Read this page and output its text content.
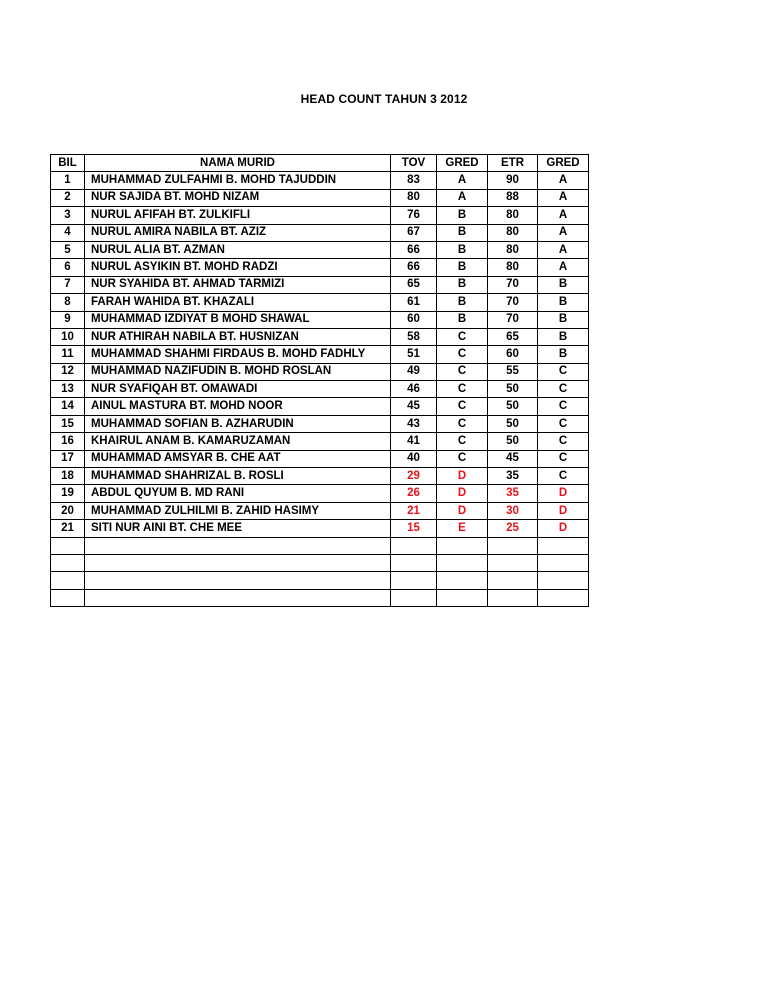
HEAD COUNT TAHUN 3 2012
BIL	NAMA MURID	TOV	GRED	ETR	GRED
1	MUHAMMAD ZULFAHMI B. MOHD TAJUDDIN	83	A	90	A
2	NUR SAJIDA BT. MOHD NIZAM	80	A	88	A
3	NURUL AFIFAH BT. ZULKIFLI	76	B	80	A
4	NURUL AMIRA NABILA BT. AZIZ	67	B	80	A
5	NURUL ALIA BT. AZMAN	66	B	80	A
6	NURUL ASYIKIN BT. MOHD RADZI	66	B	80	A
7	NUR SYAHIDA BT. AHMAD TARMIZI	65	B	70	B
8	FARAH WAHIDA BT. KHAZALI	61	B	70	B
9	MUHAMMAD IZDIYAT B MOHD SHAWAL	60	B	70	B
10	NUR ATHIRAH NABILA BT. HUSNIZAN	58	C	65	B
11	MUHAMMAD SHAHMI FIRDAUS B. MOHD FADHLY	51	C	60	B
12	MUHAMMAD NAZIFUDIN B. MOHD ROSLAN	49	C	55	C
13	NUR SYAFIQAH BT. OMAWADI	46	C	50	C
14	AINUL MASTURA BT. MOHD NOOR	45	C	50	C
15	MUHAMMAD SOFIAN B. AZHARUDIN	43	C	50	C
16	KHAIRUL ANAM B. KAMARUZAMAN	41	C	50	C
17	MUHAMMAD AMSYAR B. CHE AAT	40	C	45	C
18	MUHAMMAD SHAHRIZAL B. ROSLI	29	D	35	C
19	ABDUL QUYUM B. MD RANI	26	D	35	D
20	MUHAMMAD ZULHILMI B. ZAHID HASIMY	21	D	30	D
21	SITI NUR AINI BT. CHE MEE	15	E	25	D
